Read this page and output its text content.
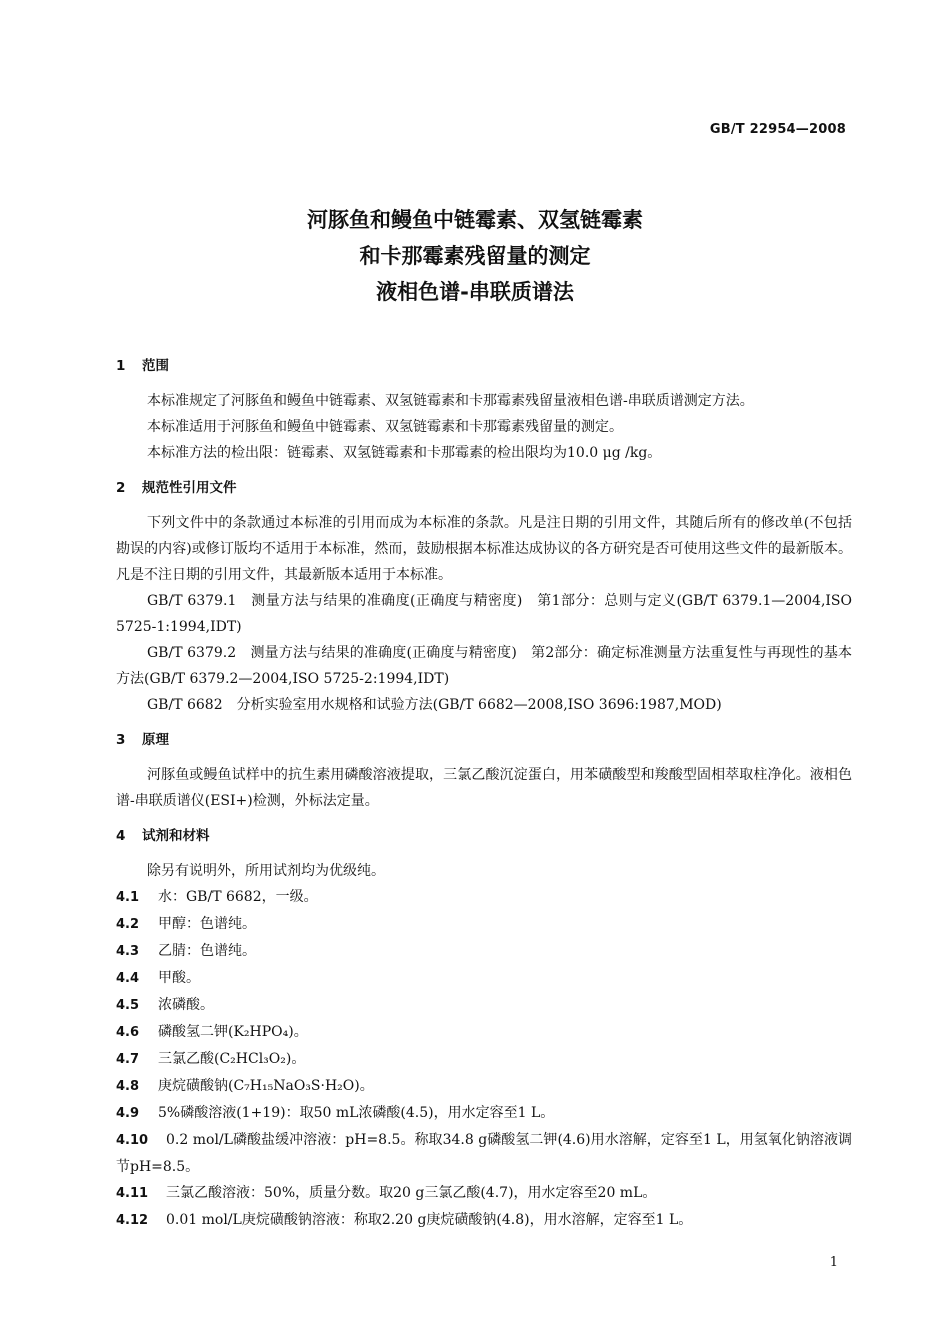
GB/T 22954—2008
河豚鱼和鳗鱼中链霉素、双氢链霉素
和卡那霉素残留量的测定
液相色谱-串联质谱法
1 范围

本标准规定了河豚鱼和鳗鱼中链霉素、双氢链霉素和卡那霉素残留量液相色谱-串联质谱测定方法。

本标准适用于河豚鱼和鳗鱼中链霉素、双氢链霉素和卡那霉素残留量的测定。

本标准方法的检出限：链霉素、双氢链霉素和卡那霉素的检出限均为10.0 μg /kg。

2 规范性引用文件

下列文件中的条款通过本标准的引用而成为本标准的条款。凡是注日期的引用文件，其随后所有的修改单(不包括勘误的内容)或修订版均不适用于本标准，然而，鼓励根据本标准达成协议的各方研究是否可使用这些文件的最新版本。凡是不注日期的引用文件，其最新版本适用于本标准。

GB/T 6379.1　测量方法与结果的准确度(正确度与精密度)　第1部分：总则与定义(GB/T 6379.1—2004,ISO 5725-1:1994,IDT)

GB/T 6379.2　测量方法与结果的准确度(正确度与精密度)　第2部分：确定标准测量方法重复性与再现性的基本方法(GB/T 6379.2—2004,ISO 5725-2:1994,IDT)

GB/T 6682　分析实验室用水规格和试验方法(GB/T 6682—2008,ISO 3696:1987,MOD)

3 原理

河豚鱼或鳗鱼试样中的抗生素用磷酸溶液提取，三氯乙酸沉淀蛋白，用苯磺酸型和羧酸型固相萃取柱净化。液相色谱-串联质谱仪(ESI+)检测，外标法定量。

4 试剂和材料

除另有说明外，所用试剂均为优级纯。

4.1 水：GB/T 6682，一级。
4.2 甲醇：色谱纯。
4.3 乙腈：色谱纯。
4.4 甲酸。
4.5 浓磷酸。
4.6 磷酸氢二钾(K₂HPO₄)。
4.7 三氯乙酸(C₂HCl₃O₂)。
4.8 庚烷磺酸钠(C₇H₁₅NaO₃S·H₂O)。
4.9 5%磷酸溶液(1+19)：取50 mL浓磷酸(4.5)，用水定容至1 L。
4.10 0.2 mol/L磷酸盐缓冲溶液：pH=8.5。称取34.8 g磷酸氢二钾(4.6)用水溶解，定容至1 L，用氢氧化钠溶液调节pH=8.5。
4.11 三氯乙酸溶液：50%，质量分数。取20 g三氯乙酸(4.7)，用水定容至20 mL。
4.12 0.01 mol/L庚烷磺酸钠溶液：称取2.20 g庚烷磺酸钠(4.8)，用水溶解，定容至1 L。
1
